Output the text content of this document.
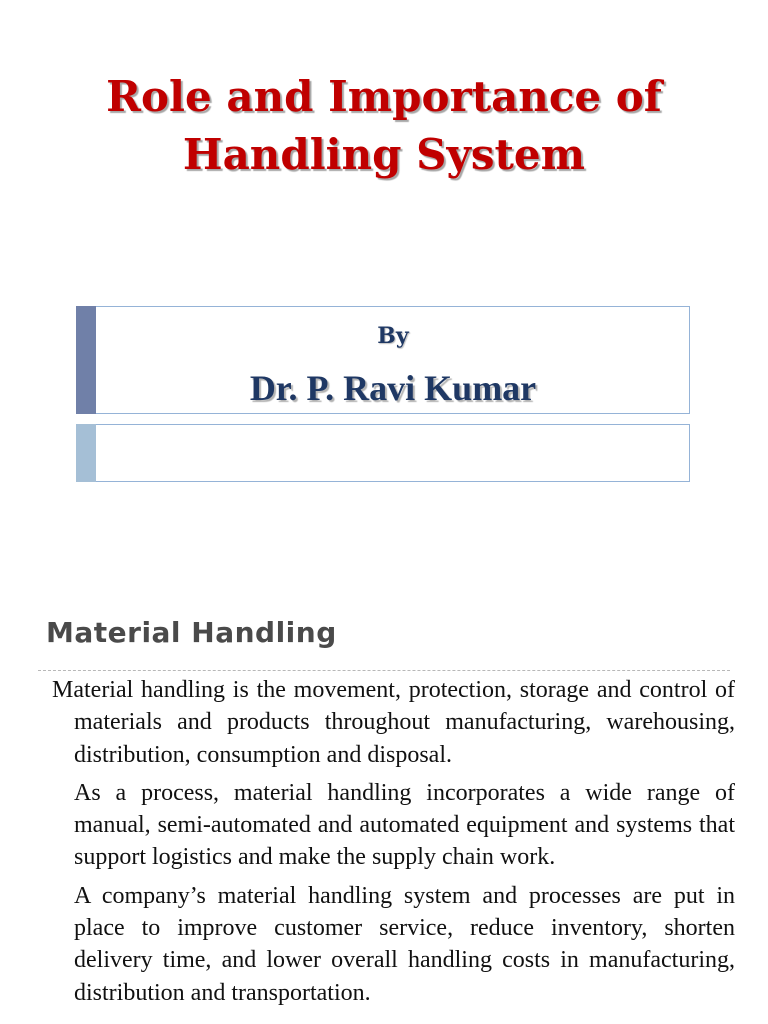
Role and Importance of
Handling System
By
Dr. P. Ravi Kumar
Material Handling

Material handling is the movement, protection, storage and control of materials and products throughout manufacturing, warehousing, distribution, consumption and disposal.

As a process, material handling incorporates a wide range of manual, semi-automated and automated equipment and systems that support logistics and make the supply chain work.

A company’s material handling system and processes are put in place to improve customer service, reduce inventory, shorten delivery time, and lower overall handling costs in manufacturing, distribution and transportation.
